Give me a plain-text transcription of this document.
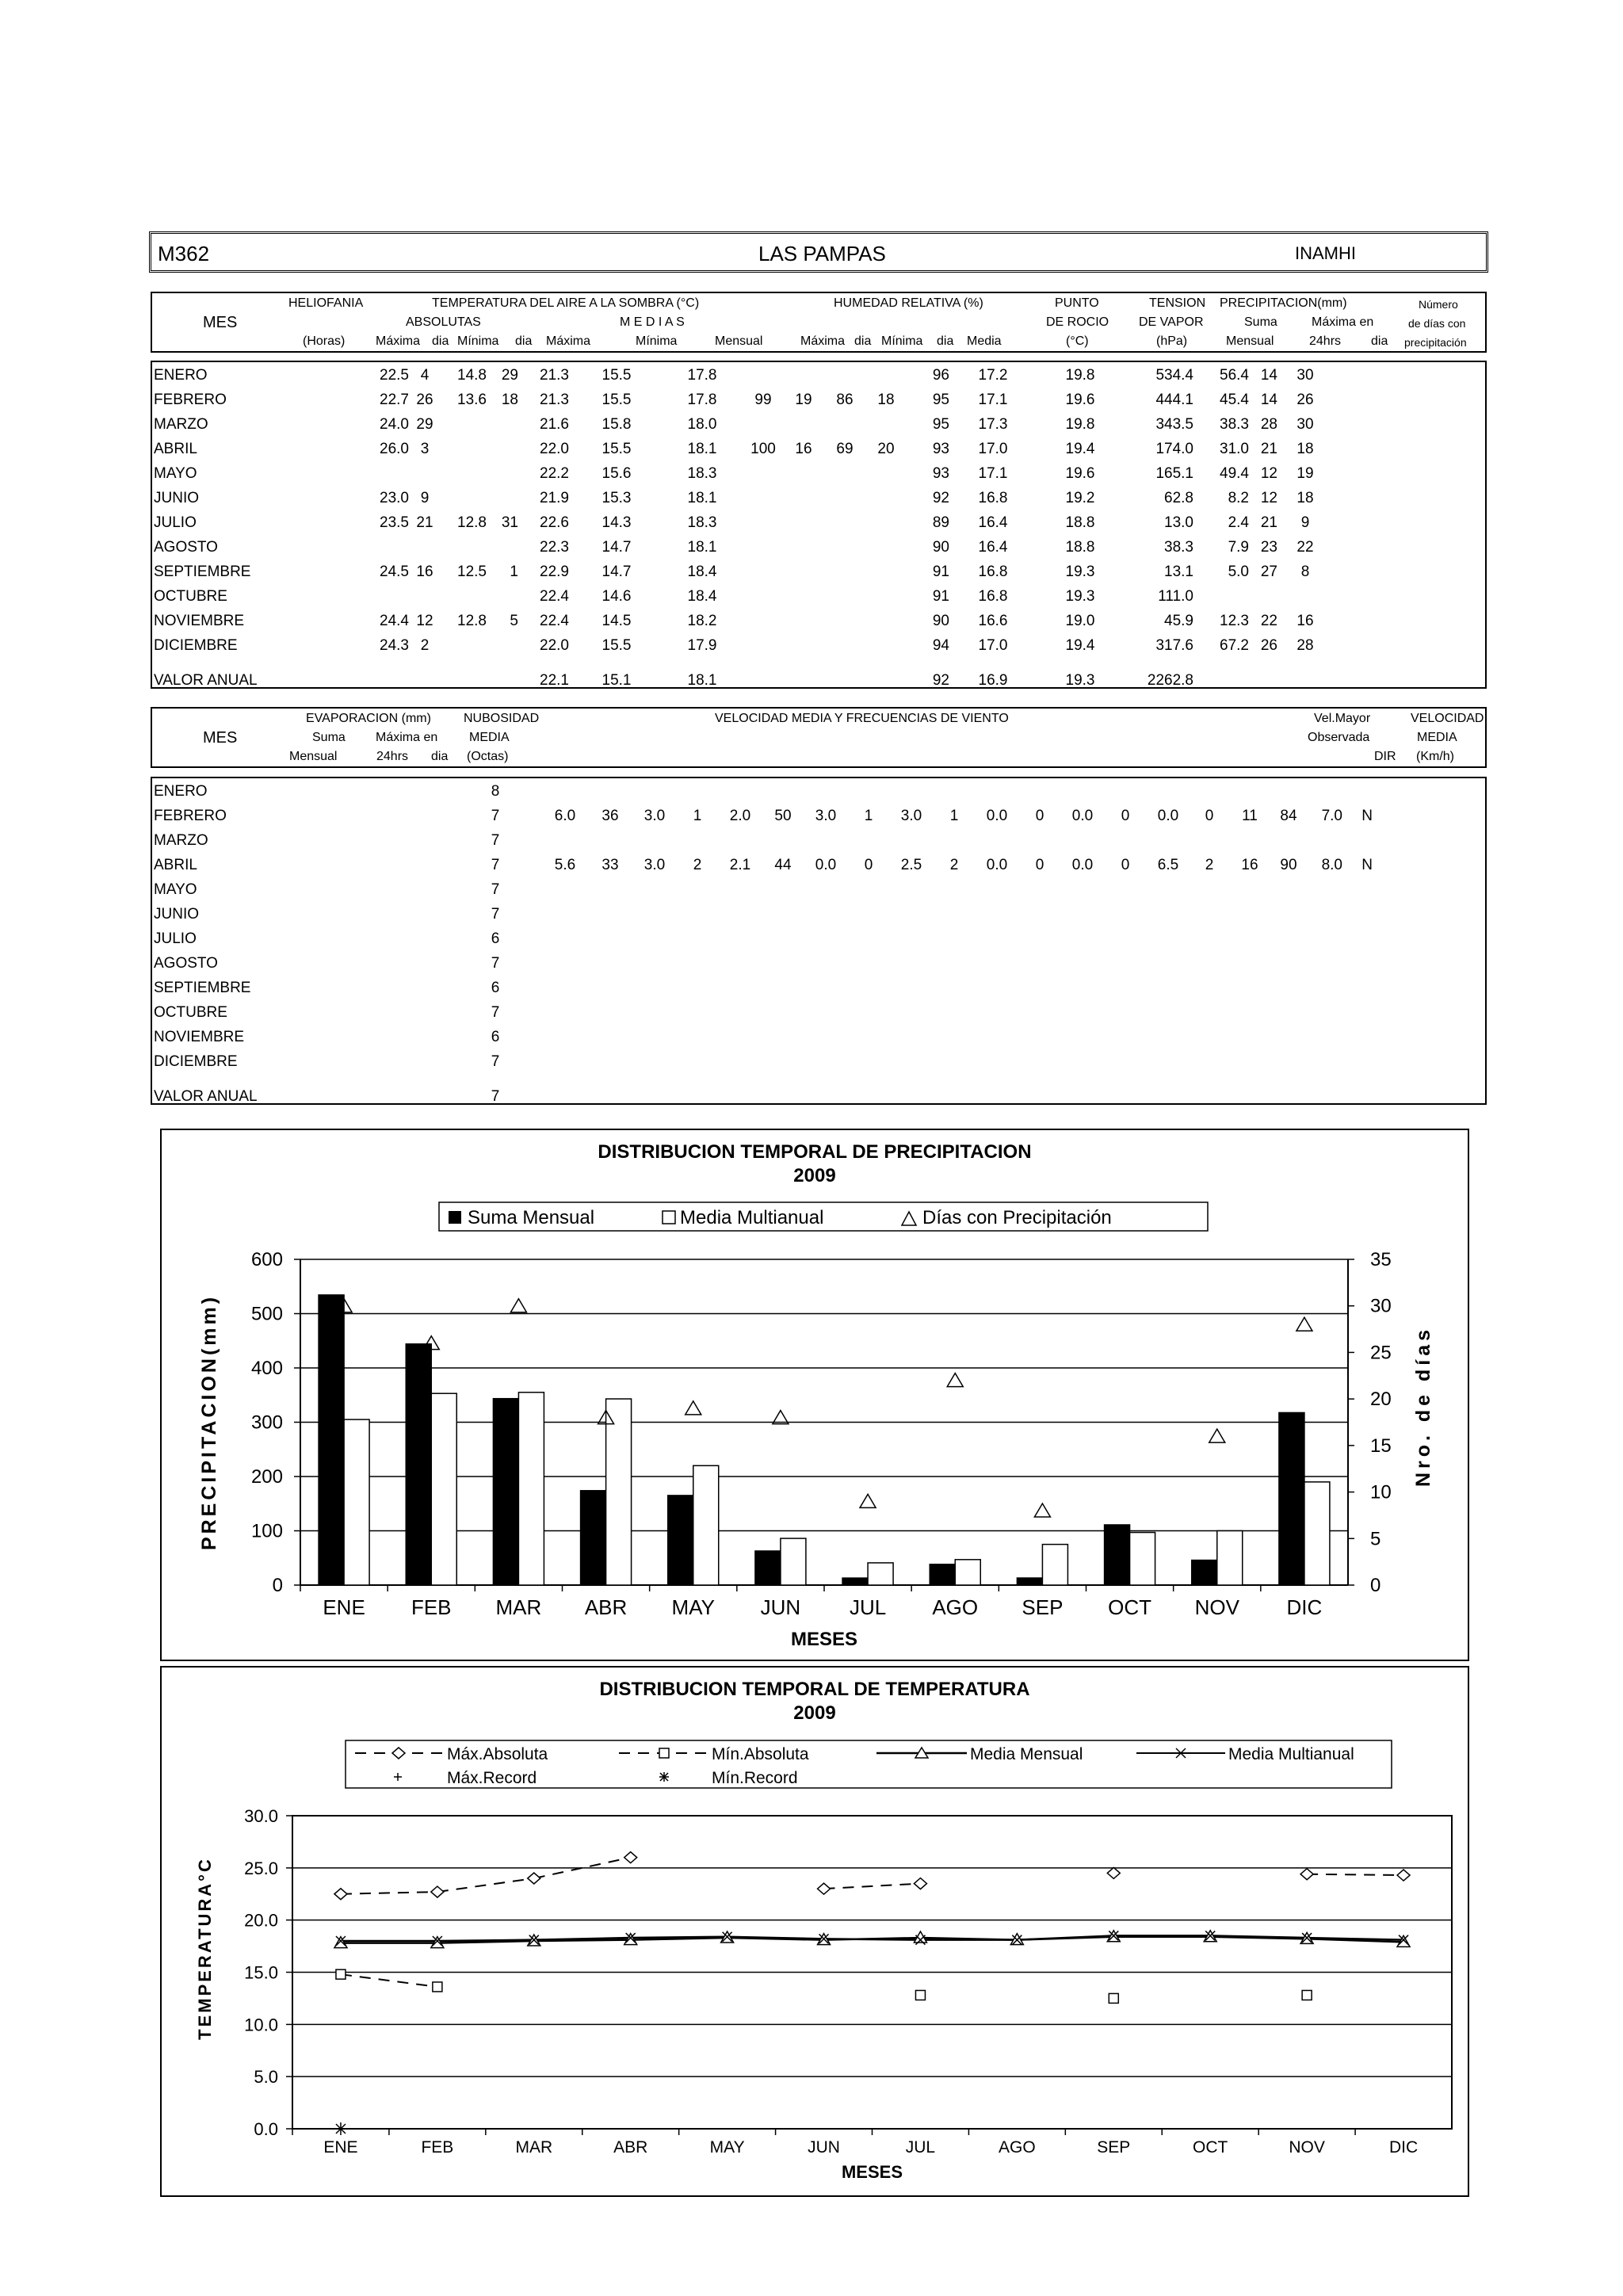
M362	LAS PAMPAS	INAMHI
MES
HELIOFANIA
(Horas)
TEMPERATURA DEL AIRE A LA SOMBRA (°C)
ABSOLUTAS	M E D I A S
Máxima dia Mínima dia Máxima	Mínima	Mensual
HUMEDAD RELATIVA (%)
Máxima dia Mínima dia Media
PUNTO
DE ROCIO
(°C)
TENSION
DE VAPOR
(hPa)
PRECIPITACION(mm)
Suma	Máxima en
Mensual	24hrs dia
Número
de días con
precipitación
ENERO		22.5	4	14.8	29	21.3	15.5	17.8					96	17.2	19.8	534.4	56.4	14	30
FEBRERO		22.7	26	13.6	18	21.3	15.5	17.8	99	19	86	18	95	17.1	19.6	444.1	45.4	14	26
MARZO		24.0	29			21.6	15.8	18.0					95	17.3	19.8	343.5	38.3	28	30
ABRIL		26.0	3			22.0	15.5	18.1	100	16	69	20	93	17.0	19.4	174.0	31.0	21	18
MAYO						22.2	15.6	18.3					93	17.1	19.6	165.1	49.4	12	19
JUNIO		23.0	9			21.9	15.3	18.1					92	16.8	19.2	62.8	8.2	12	18
JULIO		23.5	21	12.8	31	22.6	14.3	18.3					89	16.4	18.8	13.0	2.4	21	9
AGOSTO						22.3	14.7	18.1					90	16.4	18.8	38.3	7.9	23	22
SEPTIEMBRE		24.5	16	12.5	1	22.9	14.7	18.4					91	16.8	19.3	13.1	5.0	27	8
OCTUBRE						22.4	14.6	18.4					91	16.8	19.3	111.0			
NOVIEMBRE		24.4	12	12.8	5	22.4	14.5	18.2					90	16.6	19.0	45.9	12.3	22	16
DICIEMBRE		24.3	2			22.0	15.5	17.9					94	17.0	19.4	317.6	67.2	26	28
VALOR ANUAL						22.1	15.1	18.1					92	16.9	19.3	2262.8			
MES
EVAPORACION (mm)
Suma Máxima en
Mensual	24hrs dia
NUBOSIDAD
MEDIA
(Octas)
VELOCIDAD MEDIA Y FRECUENCIAS DE VIENTO	Vel.Mayor
Observada
DIR
VELOCIDAD
MEDIA
(Km/h)
ENERO				8																				
FEBRERO				7	6.0	36	3.0	1	2.0	50	3.0	1	3.0	1	0.0	0	0.0	0	0.0	0	11	84	7.0	N
MARZO				7																				
ABRIL				7	5.6	33	3.0	2	2.1	44	0.0	0	2.5	2	0.0	0	0.0	0	6.5	2	16	90	8.0	N
MAYO				7																				
JUNIO				7																				
JULIO				6																				
AGOSTO				7																				
SEPTIEMBRE				6																				
OCTUBRE				7																				
NOVIEMBRE				6																				
DICIEMBRE				7																				
VALOR ANUAL				7																				
DISTRIBUCION TEMPORAL DE PRECIPITACION
2009
0
100
200
300
400
500
600
0
5
10
15
20
25
30
35
ENE FEB MAR ABR MAY JUN JUL AGO SEP OCT NOV DIC
MESES
PRECIPITACION(mm)	Nro. de días
Suma Mensual	Media Multianual	Días con Precipitación
DISTRIBUCION TEMPORAL DE TEMPERATURA
2009
0.0
5.0
10.0
15.0
20.0
25.0
30.0
ENE	FEB	MAR	ABR	MAY	JUN	JUL	AGO	SEP	OCT	NOV	DIC
MESES
TEMPERATURA°C
Máx.Absoluta	Mín.Absoluta	Media Mensual	Media Multianual
Máx.Record	Mín.Record
